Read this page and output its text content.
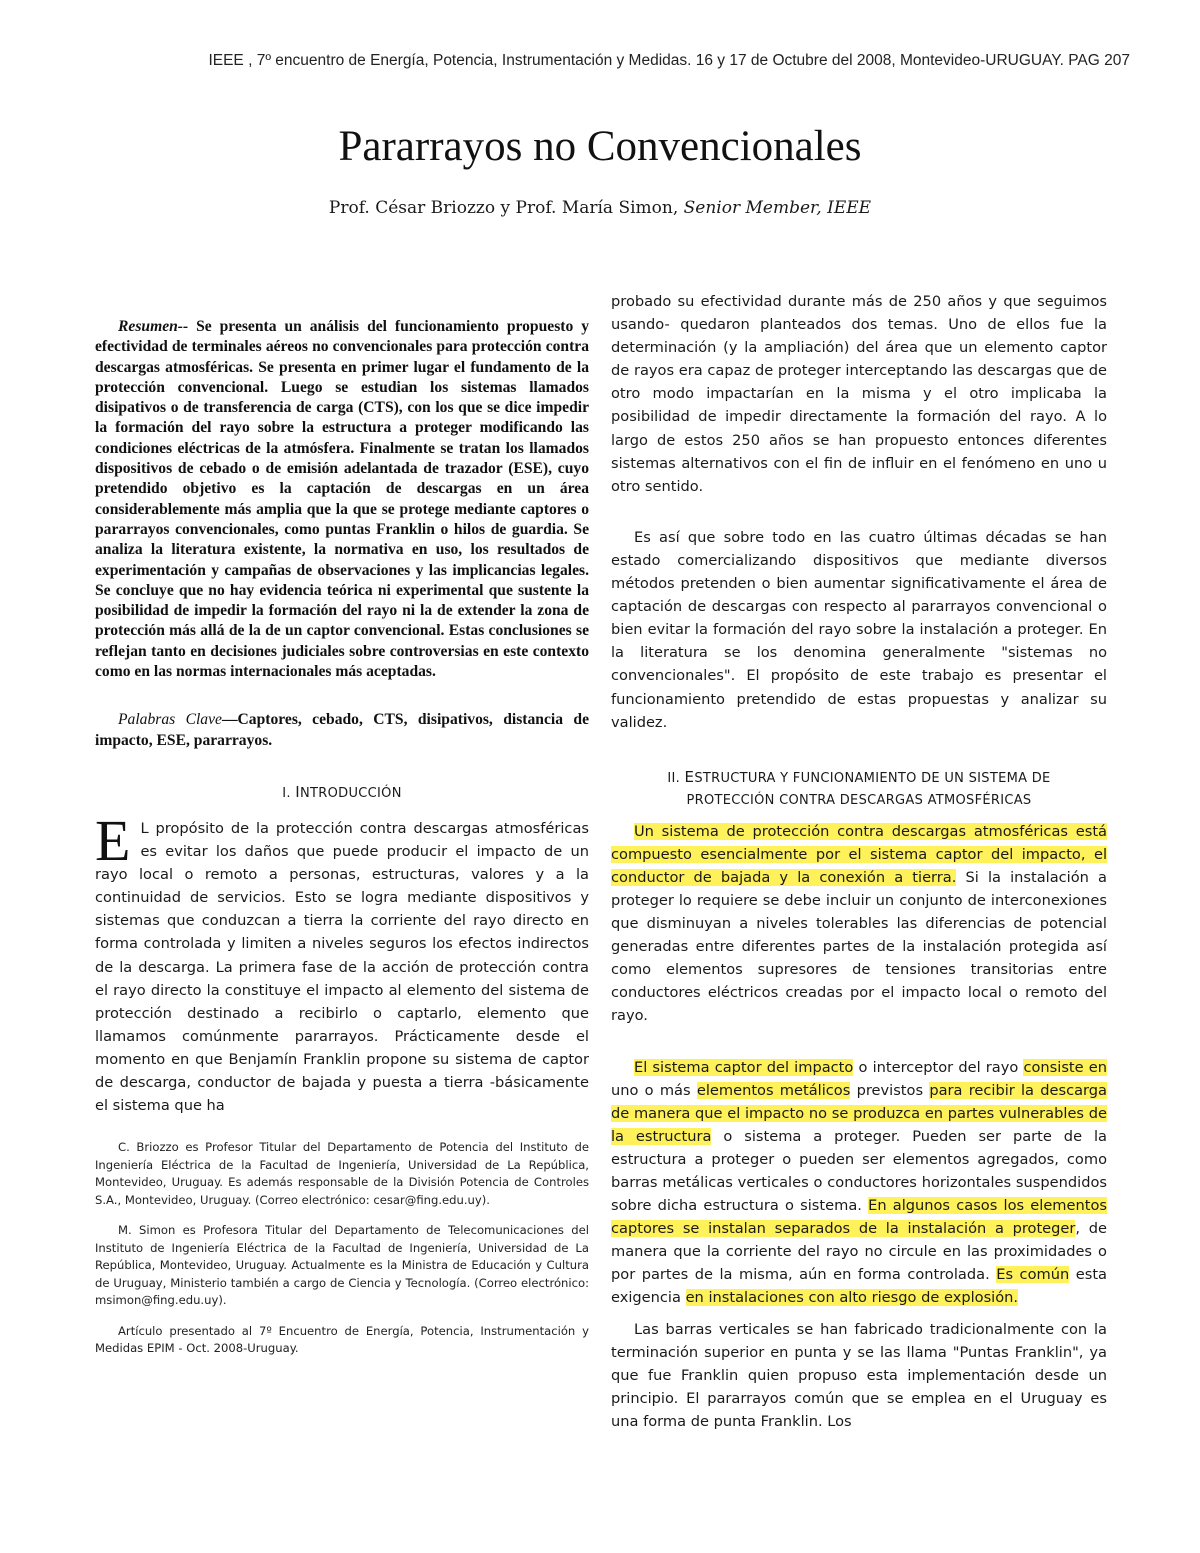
IEEE , 7º encuentro de Energía, Potencia, Instrumentación y Medidas. 16 y 17 de Octubre del 2008, Montevideo-URUGUAY. PAG 207
Pararrayos no Convencionales
Prof. César Briozzo y Prof. María Simon, Senior Member, IEEE

Resumen-- Se presenta un análisis del funcionamiento propuesto y efectividad de terminales aéreos no convencionales para protección contra descargas atmosféricas. Se presenta en primer lugar el fundamento de la protección convencional. Luego se estudian los sistemas llamados disipativos o de transferencia de carga (CTS), con los que se dice impedir la formación del rayo sobre la estructura a proteger modificando las condiciones eléctricas de la atmósfera. Finalmente se tratan los llamados dispositivos de cebado o de emisión adelantada de trazador (ESE), cuyo pretendido objetivo es la captación de descargas en un área considerablemente más amplia que la que se protege mediante captores o pararrayos convencionales, como puntas Franklin o hilos de guardia. Se analiza la literatura existente, la normativa en uso, los resultados de experimentación y campañas de observaciones y las implicancias legales. Se concluye que no hay evidencia teórica ni experimental que sustente la posibilidad de impedir la formación del rayo ni la de extender la zona de protección más allá de la de un captor convencional. Estas conclusiones se reflejan tanto en decisiones judiciales sobre controversias en este contexto como en las normas internacionales más aceptadas.

Palabras Clave—Captores, cebado, CTS, disipativos, distancia de impacto, ESE, pararrayos.

I. INTRODUCCIÓN

E L propósito de la protección contra descargas atmosféricas es evitar los daños que puede producir el impacto de un rayo local o remoto a personas, estructuras, valores y a la continuidad de servicios. Esto se logra mediante dispositivos y sistemas que conduzcan a tierra la corriente del rayo directo en forma controlada y limiten a niveles seguros los efectos indirectos de la descarga. La primera fase de la acción de protección contra el rayo directo la constituye el impacto al elemento del sistema de protección destinado a recibirlo o captarlo, elemento que llamamos comúnmente pararrayos. Prácticamente desde el momento en que Benjamín Franklin propone su sistema de captor de descarga, conductor de bajada y puesta a tierra -básicamente el sistema que ha

C. Briozzo es Profesor Titular del Departamento de Potencia del Instituto de Ingeniería Eléctrica de la Facultad de Ingeniería, Universidad de La República, Montevideo, Uruguay. Es además responsable de la División Potencia de Controles S.A., Montevideo, Uruguay. (Correo electrónico: cesar@fing.edu.uy).

M. Simon es Profesora Titular del Departamento de Telecomunicaciones del Instituto de Ingeniería Eléctrica de la Facultad de Ingeniería, Universidad de La República, Montevideo, Uruguay. Actualmente es la Ministra de Educación y Cultura de Uruguay, Ministerio también a cargo de Ciencia y Tecnología. (Correo electrónico: msimon@fing.edu.uy).

Artículo presentado al 7º Encuentro de Energía, Potencia, Instrumentación y Medidas EPIM - Oct. 2008-Uruguay.

probado su efectividad durante más de 250 años y que seguimos usando- quedaron planteados dos temas. Uno de ellos fue la determinación (y la ampliación) del área que un elemento captor de rayos era capaz de proteger interceptando las descargas que de otro modo impactarían en la misma y el otro implicaba la posibilidad de impedir directamente la formación del rayo. A lo largo de estos 250 años se han propuesto entonces diferentes sistemas alternativos con el fin de influir en el fenómeno en uno u otro sentido.

Es así que sobre todo en las cuatro últimas décadas se han estado comercializando dispositivos que mediante diversos métodos pretenden o bien aumentar significativamente el área de captación de descargas con respecto al pararrayos convencional o bien evitar la formación del rayo sobre la instalación a proteger. En la literatura se los denomina generalmente "sistemas no convencionales". El propósito de este trabajo es presentar el funcionamiento pretendido de estas propuestas y analizar su validez.

II. ESTRUCTURA Y FUNCIONAMIENTO DE UN SISTEMA DE
PROTECCIÓN CONTRA DESCARGAS ATMOSFÉRICAS

Un sistema de protección contra descargas atmosféricas está compuesto esencialmente por el sistema captor del impacto, el conductor de bajada y la conexión a tierra. Si la instalación a proteger lo requiere se debe incluir un conjunto de interconexiones que disminuyan a niveles tolerables las diferencias de potencial generadas entre diferentes partes de la instalación protegida así como elementos supresores de tensiones transitorias entre conductores eléctricos creadas por el impacto local o remoto del rayo.

El sistema captor del impacto o interceptor del rayo consiste en uno o más elementos metálicos previstos para recibir la descarga de manera que el impacto no se produzca en partes vulnerables de la estructura o sistema a proteger. Pueden ser parte de la estructura a proteger o pueden ser elementos agregados, como barras metálicas verticales o conductores horizontales suspendidos sobre dicha estructura o sistema. En algunos casos los elementos captores se instalan separados de la instalación a proteger, de manera que la corriente del rayo no circule en las proximidades o por partes de la misma, aún en forma controlada. Es común esta exigencia en instalaciones con alto riesgo de explosión.

Las barras verticales se han fabricado tradicionalmente con la terminación superior en punta y se las llama "Puntas Franklin", ya que fue Franklin quien propuso esta implementación desde un principio. El pararrayos común que se emplea en el Uruguay es una forma de punta Franklin. Los
